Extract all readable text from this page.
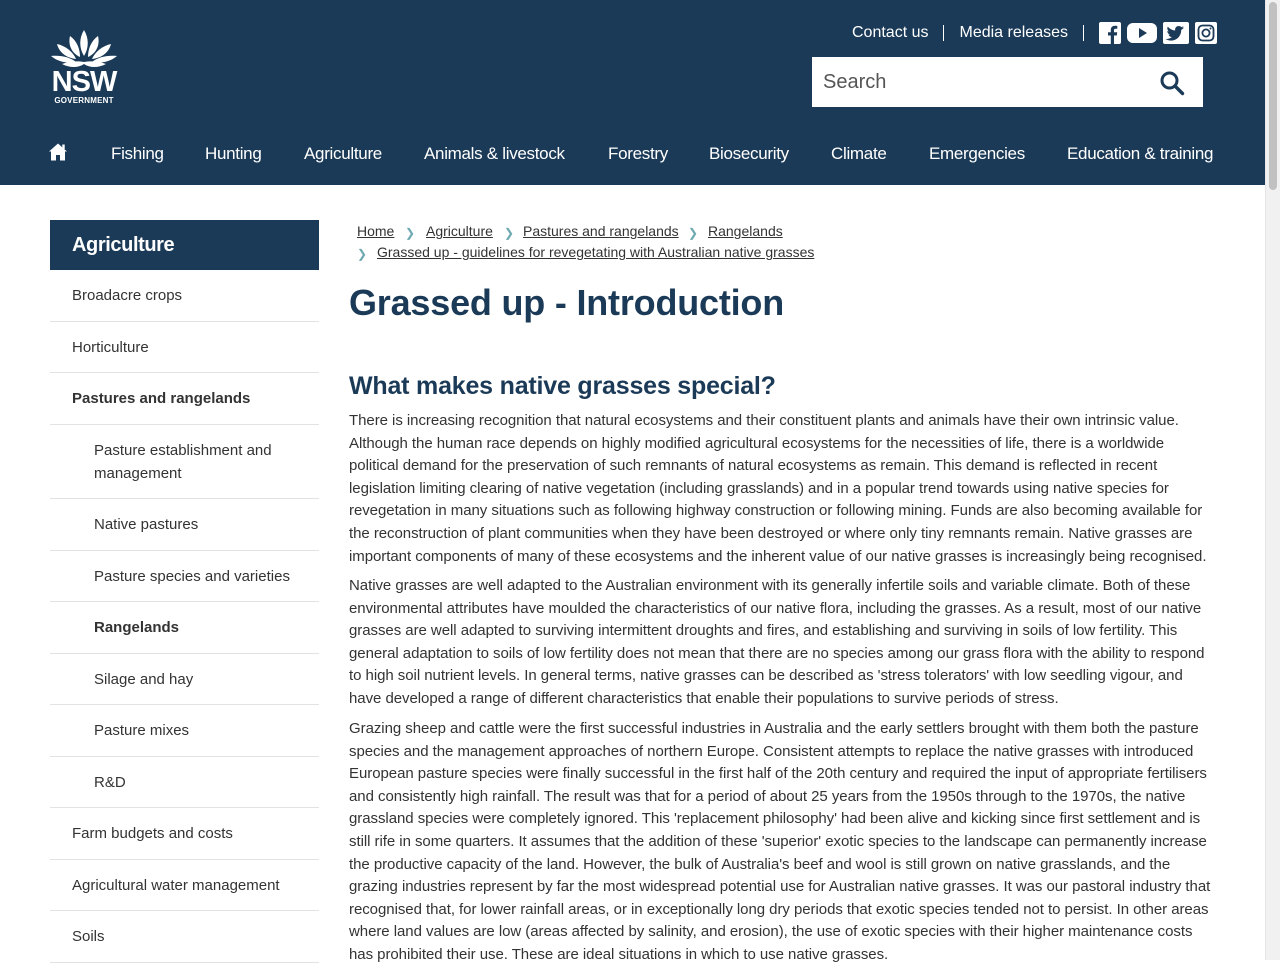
NSW
GOVERNMENT
Contact us Media releases
Search
Fishing Hunting	Agriculture Animals & livestock	Forestry Biosecurity Climate Emergencies Education & training
Agriculture
Broadacre crops
Horticulture
Pastures and rangelands
Pasture establishment and management
Native pastures
Pasture species and varieties
Rangelands
Silage and hay
Pasture mixes
R&D
Farm budgets and costs
Agricultural water management
Soils
Home ❯ Agriculture ❯ Pastures and rangelands ❯ Rangelands
❯ Grassed up - guidelines for revegetating with Australian native grasses
Grassed up - Introduction
What makes native grasses special?

There is increasing recognition that natural ecosystems and their constituent plants and animals have their own intrinsic value. Although the human race depends on highly modified agricultural ecosystems for the necessities of life, there is a worldwide political demand for the preservation of such remnants of natural ecosystems as remain. This demand is reflected in recent legislation limiting clearing of native vegetation (including grasslands) and in a popular trend towards using native species for revegetation in many situations such as following highway construction or following mining. Funds are also becoming available for the reconstruction of plant communities when they have been destroyed or where only tiny remnants remain. Native grasses are important components of many of these ecosystems and the inherent value of our native grasses is increasingly being recognised.

Native grasses are well adapted to the Australian environment with its generally infertile soils and variable climate. Both of these environmental attributes have moulded the characteristics of our native flora, including the grasses. As a result, most of our native grasses are well adapted to surviving intermittent droughts and fires, and establishing and surviving in soils of low fertility. This general adaptation to soils of low fertility does not mean that there are no species among our grass flora with the ability to respond to high soil nutrient levels. In general terms, native grasses can be described as 'stress tolerators' with low seedling vigour, and have developed a range of different characteristics that enable their populations to survive periods of stress.

Grazing sheep and cattle were the first successful industries in Australia and the early settlers brought with them both the pasture species and the management approaches of northern Europe. Consistent attempts to replace the native grasses with introduced European pasture species were finally successful in the first half of the 20th century and required the input of appropriate fertilisers and consistently high rainfall. The result was that for a period of about 25 years from the 1950s through to the 1970s, the native grassland species were completely ignored. This 'replacement philosophy' had been alive and kicking since first settlement and is still rife in some quarters. It assumes that the addition of these 'superior' exotic species to the landscape can permanently increase the productive capacity of the land. However, the bulk of Australia's beef and wool is still grown on native grasslands, and the grazing industries represent by far the most widespread potential use for Australian native grasses. It was our pastoral industry that recognised that, for lower rainfall areas, or in exceptionally long dry periods that exotic species tended not to persist. In other areas where land values are low (areas affected by salinity, and erosion), the use of exotic species with their higher maintenance costs has prohibited their use. These are ideal situations in which to use native grasses.
